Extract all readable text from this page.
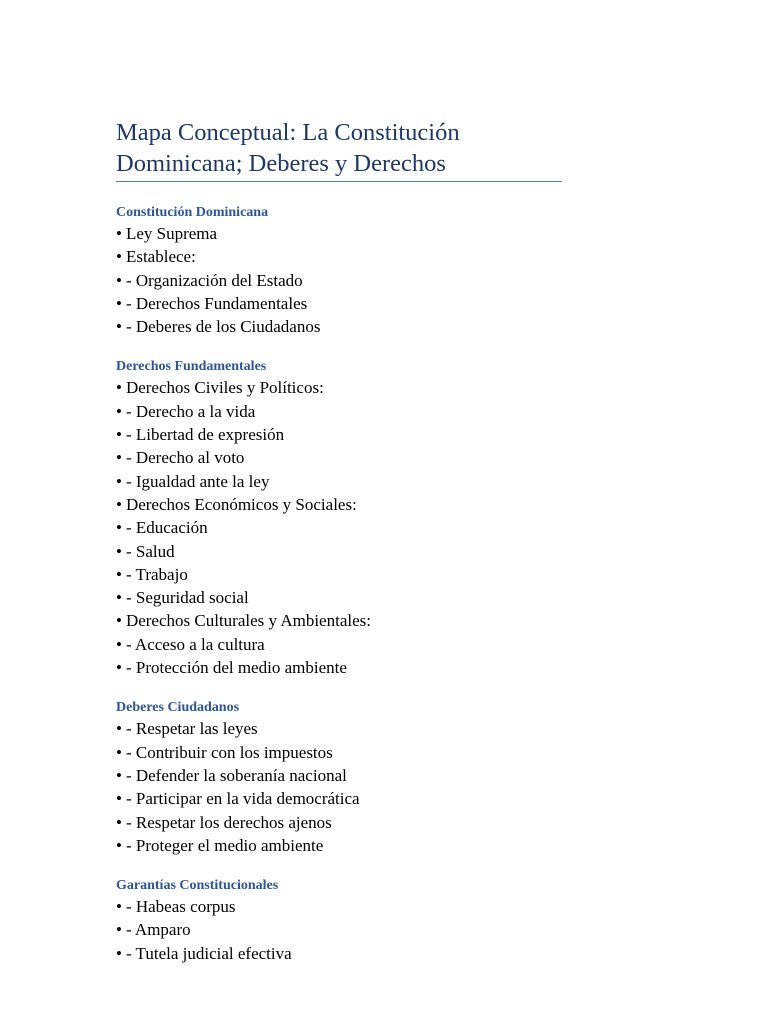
Mapa Conceptual: La Constitución
Dominicana; Deberes y Derechos
Constitución Dominicana
• Ley Suprema
• Establece:
• - Organización del Estado
• - Derechos Fundamentales
• - Deberes de los Ciudadanos
Derechos Fundamentales
• Derechos Civiles y Políticos:
• - Derecho a la vida
• - Libertad de expresión
• - Derecho al voto
• - Igualdad ante la ley
• Derechos Económicos y Sociales:
• - Educación
• - Salud
• - Trabajo
• - Seguridad social
• Derechos Culturales y Ambientales:
• - Acceso a la cultura
• - Protección del medio ambiente
Deberes Ciudadanos
• - Respetar las leyes
• - Contribuir con los impuestos
• - Defender la soberanía nacional
• - Participar en la vida democrática
• - Respetar los derechos ajenos
• - Proteger el medio ambiente
Garantías Constitucionales
• - Habeas corpus
• - Amparo
• - Tutela judicial efectiva
